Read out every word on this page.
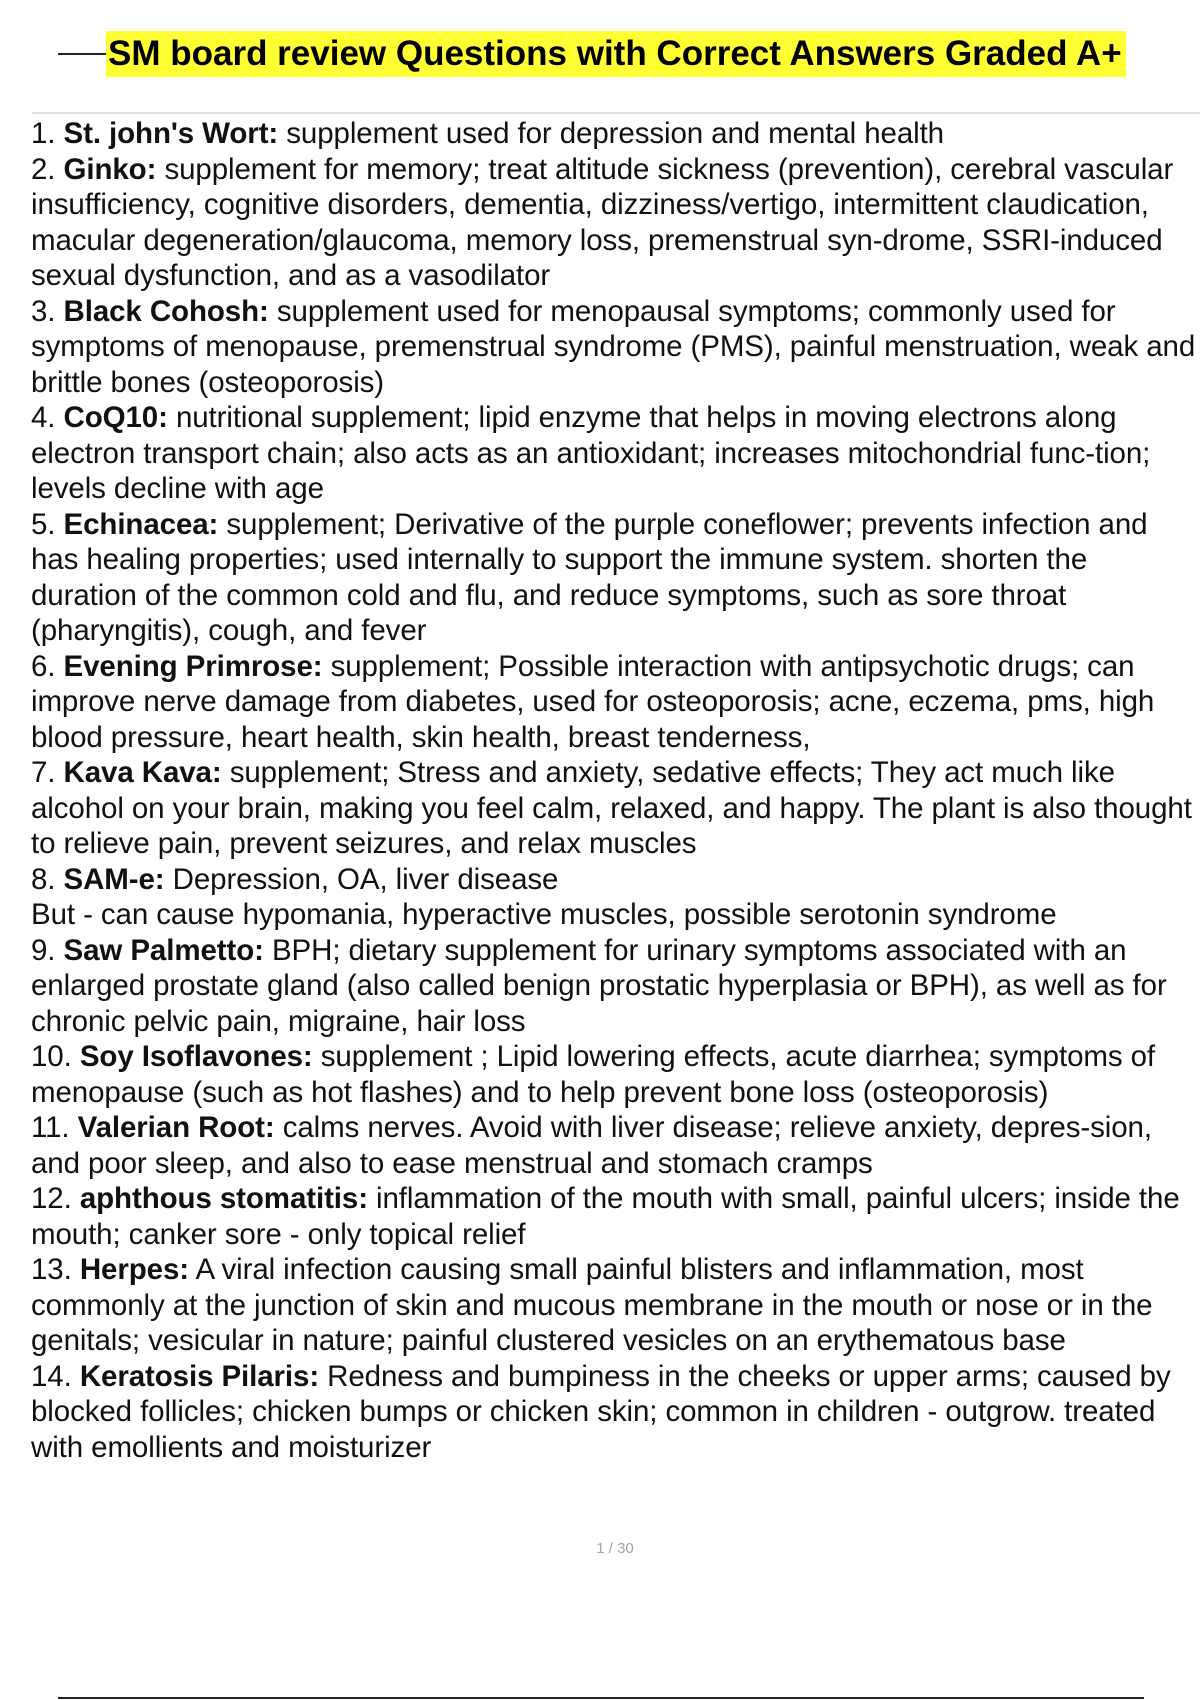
SM board review Questions with Correct Answers Graded A+
1. St. john's Wort: supplement used for depression and mental health
2. Ginko: supplement for memory; treat altitude sickness (prevention), cerebral vascular insufficiency, cognitive disorders, dementia, dizziness/vertigo, intermittent claudication, macular degeneration/glaucoma, memory loss, premenstrual syn-drome, SSRI-induced sexual dysfunction, and as a vasodilator
3. Black Cohosh: supplement used for menopausal symptoms; commonly used for symptoms of menopause, premenstrual syndrome (PMS), painful menstruation, weak and brittle bones (osteoporosis)
4. CoQ10: nutritional supplement; lipid enzyme that helps in moving electrons along electron transport chain; also acts as an antioxidant; increases mitochondrial func-tion; levels decline with age
5. Echinacea: supplement; Derivative of the purple coneflower; prevents infection and has healing properties; used internally to support the immune system. shorten the duration of the common cold and flu, and reduce symptoms, such as sore throat (pharyngitis), cough, and fever
6. Evening Primrose: supplement; Possible interaction with antipsychotic drugs; can improve nerve damage from diabetes, used for osteoporosis; acne, eczema, pms, high blood pressure, heart health, skin health, breast tenderness,
7. Kava Kava: supplement; Stress and anxiety, sedative effects; They act much like alcohol on your brain, making you feel calm, relaxed, and happy. The plant is also thought to relieve pain, prevent seizures, and relax muscles
8. SAM-e: Depression, OA, liver disease
But - can cause hypomania, hyperactive muscles, possible serotonin syndrome
9. Saw Palmetto: BPH; dietary supplement for urinary symptoms associated with an enlarged prostate gland (also called benign prostatic hyperplasia or BPH), as well as for chronic pelvic pain, migraine, hair loss
10. Soy Isoflavones: supplement ; Lipid lowering effects, acute diarrhea; symptoms of menopause (such as hot flashes) and to help prevent bone loss (osteoporosis)
11. Valerian Root: calms nerves. Avoid with liver disease; relieve anxiety, depres-sion, and poor sleep, and also to ease menstrual and stomach cramps
12. aphthous stomatitis: inflammation of the mouth with small, painful ulcers; inside the mouth; canker sore - only topical relief
13. Herpes: A viral infection causing small painful blisters and inflammation, most commonly at the junction of skin and mucous membrane in the mouth or nose or in the genitals; vesicular in nature; painful clustered vesicles on an erythematous base
14. Keratosis Pilaris: Redness and bumpiness in the cheeks or upper arms; caused by blocked follicles; chicken bumps or chicken skin; common in children - outgrow. treated with emollients and moisturizer
1 / 30
